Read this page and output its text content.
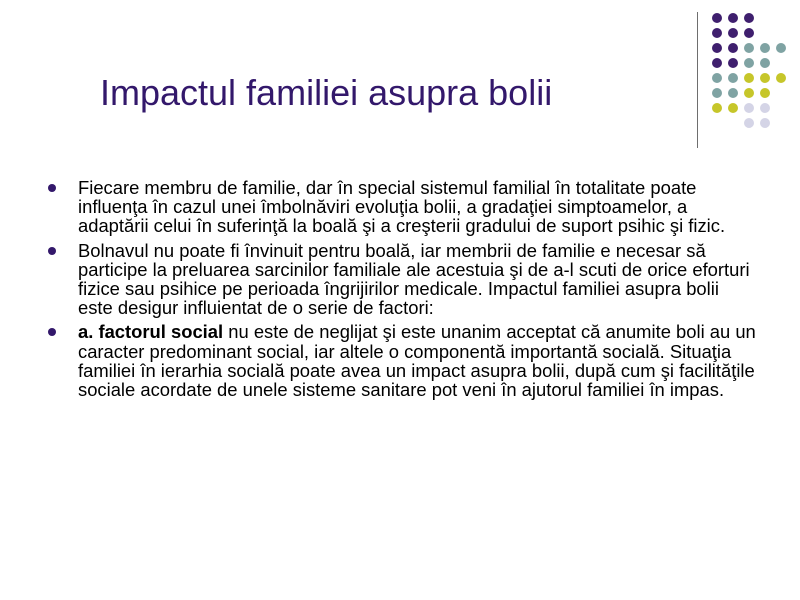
Impactul familiei asupra bolii
Fiecare membru de familie, dar în special sistemul familial în totalitate poate influenţa în cazul unei îmbolnăviri evoluţia bolii, a gradaţiei simptoamelor, a adaptării celui în suferinţă la boală şi a creşterii gradului de suport psihic şi fizic.
Bolnavul nu poate fi învinuit pentru boală, iar membrii de familie e necesar să participe la preluarea sarcinilor familiale ale acestuia şi de a-l scuti de orice eforturi fizice sau psihice pe perioada îngrijirilor medicale. Impactul familiei asupra bolii este desigur influientat de o serie de factori:
a. factorul social nu este de neglijat şi este unanim acceptat că anumite boli au un caracter predominant social, iar altele o componentă importantă socială. Situaţia familiei în ierarhia socială poate avea un impact asupra bolii, după cum şi facilităţile sociale acordate de unele sisteme sanitare pot veni în ajutorul familiei în impas.
